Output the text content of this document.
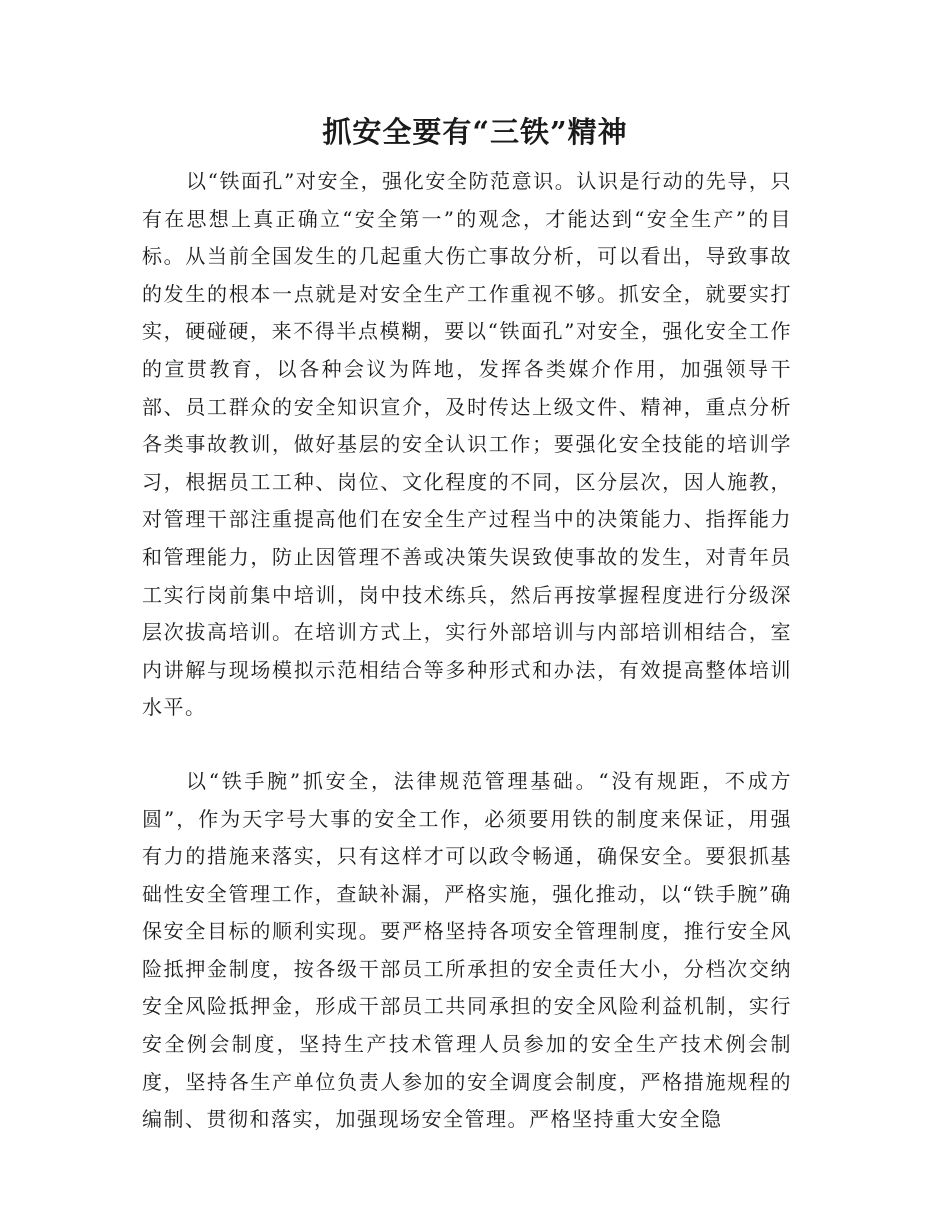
抓安全要有“三铁”精神

以“铁面孔”对安全，强化安全防范意识。认识是行动的先导，只有在思想上真正确立“安全第一”的观念，才能达到“安全生产”的目标。从当前全国发生的几起重大伤亡事故分析，可以看出，导致事故的发生的根本一点就是对安全生产工作重视不够。抓安全，就要实打实，硬碰硬，来不得半点模糊，要以“铁面孔”对安全，强化安全工作的宣贯教育，以各种会议为阵地，发挥各类媒介作用，加强领导干部、员工群众的安全知识宣介，及时传达上级文件、精神，重点分析各类事故教训，做好基层的安全认识工作；要强化安全技能的培训学习，根据员工工种、岗位、文化程度的不同，区分层次，因人施教，对管理干部注重提高他们在安全生产过程当中的决策能力、指挥能力和管理能力，防止因管理不善或决策失误致使事故的发生，对青年员工实行岗前集中培训，岗中技术练兵，然后再按掌握程度进行分级深层次拔高培训。在培训方式上，实行外部培训与内部培训相结合，室内讲解与现场模拟示范相结合等多种形式和办法，有效提高整体培训水平。

以“铁手腕”抓安全，法律规范管理基础。“没有规距，不成方圆”，作为天字号大事的安全工作，必须要用铁的制度来保证，用强有力的措施来落实，只有这样才可以政令畅通，确保安全。要狠抓基础性安全管理工作，查缺补漏，严格实施，强化推动，以“铁手腕”确保安全目标的顺利实现。要严格坚持各项安全管理制度，推行安全风险抵押金制度，按各级干部员工所承担的安全责任大小，分档次交纳安全风险抵押金，形成干部员工共同承担的安全风险利益机制，实行安全例会制度，坚持生产技术管理人员参加的安全生产技术例会制度，坚持各生产单位负责人参加的安全调度会制度，严格措施规程的编制、贯彻和落实，加强现场安全管理。严格坚持重大安全隐
